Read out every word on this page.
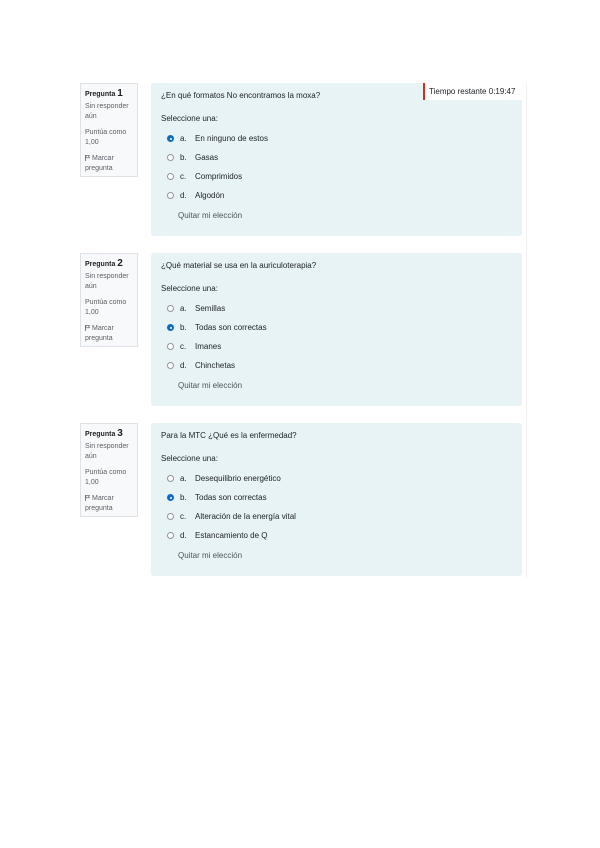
Pregunta 1
Sin responder aún
Puntúa como 1,00
Marcar pregunta
¿En qué formatos No encontramos la moxa?
Seleccione una:
a.	En ninguno de estos
b.	Gasas
c.	Comprimidos
d.	Algodón
Quitar mi elección
Tiempo restante 0:19:47
Pregunta 2
Sin responder aún
Puntúa como 1,00
Marcar pregunta
¿Qué material se usa en la auriculoterapia?
Seleccione una:
a.	Semillas
b.	Todas son correctas
c.	Imanes
d.	Chinchetas
Quitar mi elección
Pregunta 3
Sin responder aún
Puntúa como 1,00
Marcar pregunta
Para la MTC ¿Qué es la enfermedad?
Seleccione una:
a.	Desequilibrio energético
b.	Todas son correctas
c.	Alteración de la energía vital
d.	Estancamiento de Q
Quitar mi elección
